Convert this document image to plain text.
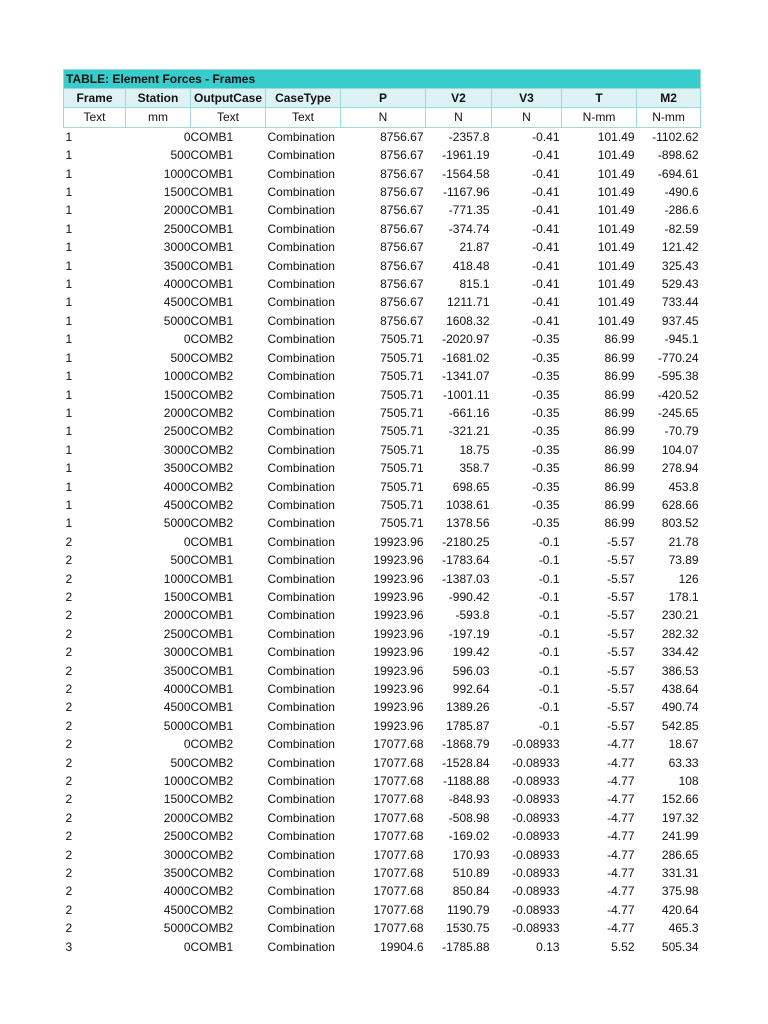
TABLE: Element Forces - Frames								
Frame	Station	OutputCase	CaseType	P	V2	V3	T	M2
Text	mm	Text	Text	N	N	N	N-mm	N-mm
1	0	COMB1	Combination	8756.67	-2357.8	-0.41	101.49	-1102.62
1	500	COMB1	Combination	8756.67	-1961.19	-0.41	101.49	-898.62
1	1000	COMB1	Combination	8756.67	-1564.58	-0.41	101.49	-694.61
1	1500	COMB1	Combination	8756.67	-1167.96	-0.41	101.49	-490.6
1	2000	COMB1	Combination	8756.67	-771.35	-0.41	101.49	-286.6
1	2500	COMB1	Combination	8756.67	-374.74	-0.41	101.49	-82.59
1	3000	COMB1	Combination	8756.67	21.87	-0.41	101.49	121.42
1	3500	COMB1	Combination	8756.67	418.48	-0.41	101.49	325.43
1	4000	COMB1	Combination	8756.67	815.1	-0.41	101.49	529.43
1	4500	COMB1	Combination	8756.67	1211.71	-0.41	101.49	733.44
1	5000	COMB1	Combination	8756.67	1608.32	-0.41	101.49	937.45
1	0	COMB2	Combination	7505.71	-2020.97	-0.35	86.99	-945.1
1	500	COMB2	Combination	7505.71	-1681.02	-0.35	86.99	-770.24
1	1000	COMB2	Combination	7505.71	-1341.07	-0.35	86.99	-595.38
1	1500	COMB2	Combination	7505.71	-1001.11	-0.35	86.99	-420.52
1	2000	COMB2	Combination	7505.71	-661.16	-0.35	86.99	-245.65
1	2500	COMB2	Combination	7505.71	-321.21	-0.35	86.99	-70.79
1	3000	COMB2	Combination	7505.71	18.75	-0.35	86.99	104.07
1	3500	COMB2	Combination	7505.71	358.7	-0.35	86.99	278.94
1	4000	COMB2	Combination	7505.71	698.65	-0.35	86.99	453.8
1	4500	COMB2	Combination	7505.71	1038.61	-0.35	86.99	628.66
1	5000	COMB2	Combination	7505.71	1378.56	-0.35	86.99	803.52
2	0	COMB1	Combination	19923.96	-2180.25	-0.1	-5.57	21.78
2	500	COMB1	Combination	19923.96	-1783.64	-0.1	-5.57	73.89
2	1000	COMB1	Combination	19923.96	-1387.03	-0.1	-5.57	126
2	1500	COMB1	Combination	19923.96	-990.42	-0.1	-5.57	178.1
2	2000	COMB1	Combination	19923.96	-593.8	-0.1	-5.57	230.21
2	2500	COMB1	Combination	19923.96	-197.19	-0.1	-5.57	282.32
2	3000	COMB1	Combination	19923.96	199.42	-0.1	-5.57	334.42
2	3500	COMB1	Combination	19923.96	596.03	-0.1	-5.57	386.53
2	4000	COMB1	Combination	19923.96	992.64	-0.1	-5.57	438.64
2	4500	COMB1	Combination	19923.96	1389.26	-0.1	-5.57	490.74
2	5000	COMB1	Combination	19923.96	1785.87	-0.1	-5.57	542.85
2	0	COMB2	Combination	17077.68	-1868.79	-0.08933	-4.77	18.67
2	500	COMB2	Combination	17077.68	-1528.84	-0.08933	-4.77	63.33
2	1000	COMB2	Combination	17077.68	-1188.88	-0.08933	-4.77	108
2	1500	COMB2	Combination	17077.68	-848.93	-0.08933	-4.77	152.66
2	2000	COMB2	Combination	17077.68	-508.98	-0.08933	-4.77	197.32
2	2500	COMB2	Combination	17077.68	-169.02	-0.08933	-4.77	241.99
2	3000	COMB2	Combination	17077.68	170.93	-0.08933	-4.77	286.65
2	3500	COMB2	Combination	17077.68	510.89	-0.08933	-4.77	331.31
2	4000	COMB2	Combination	17077.68	850.84	-0.08933	-4.77	375.98
2	4500	COMB2	Combination	17077.68	1190.79	-0.08933	-4.77	420.64
2	5000	COMB2	Combination	17077.68	1530.75	-0.08933	-4.77	465.3
3	0	COMB1	Combination	19904.6	-1785.88	0.13	5.52	505.34
